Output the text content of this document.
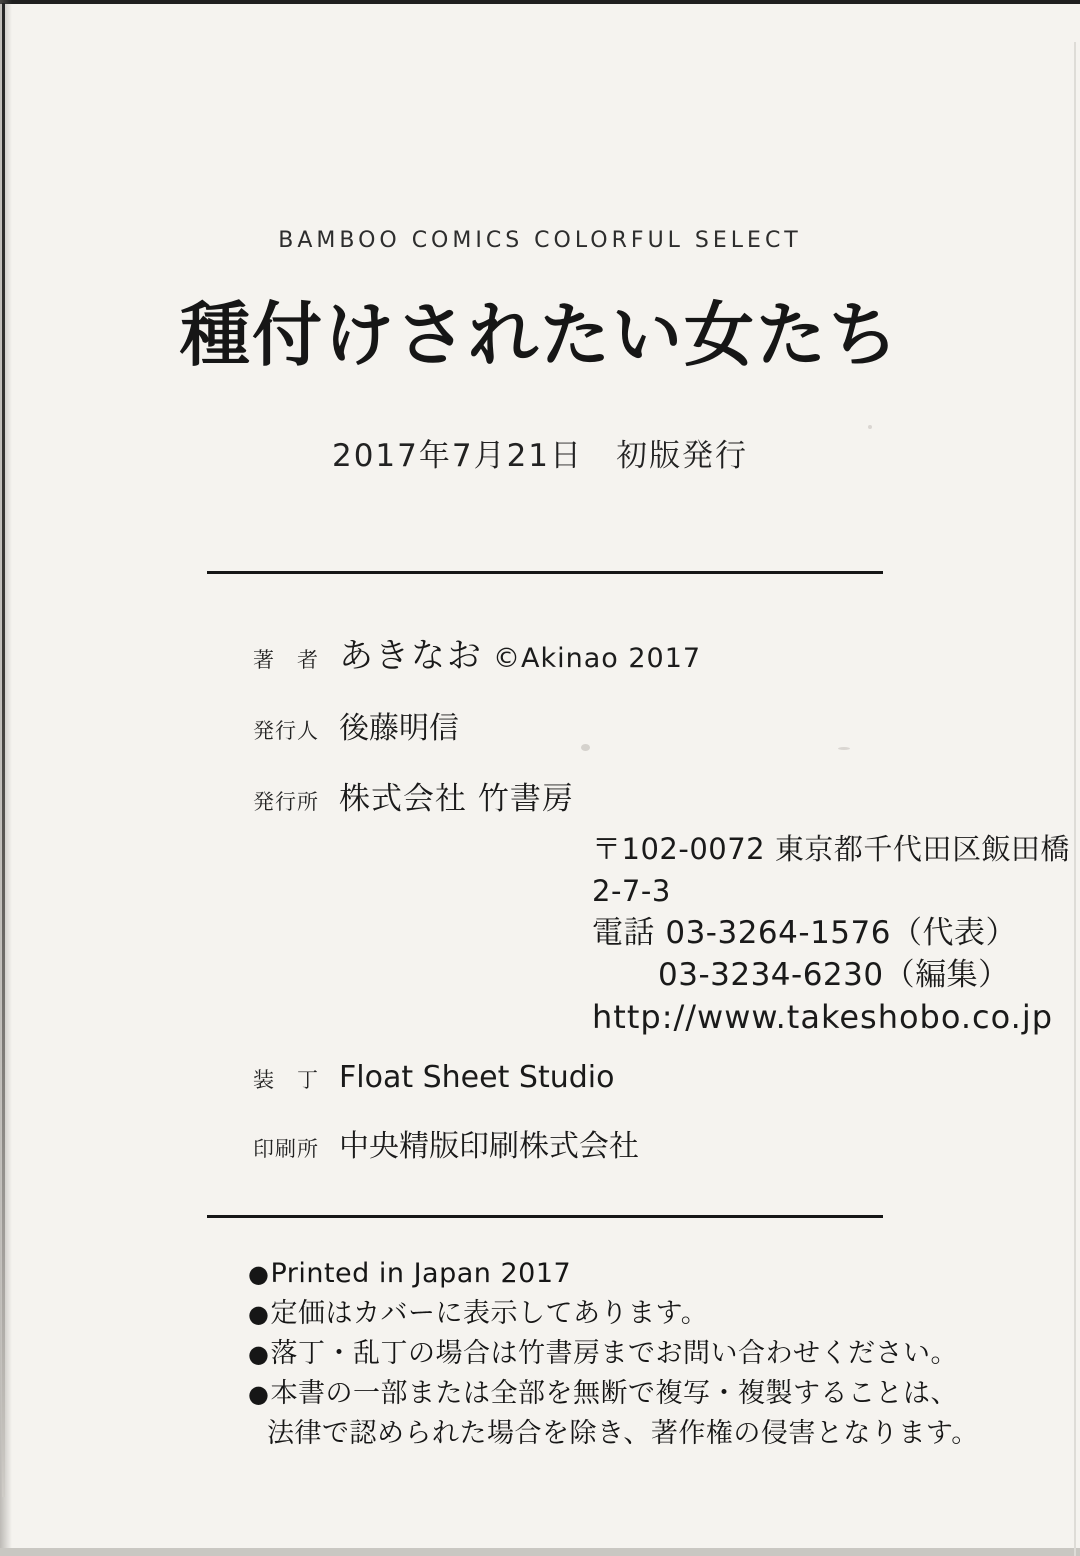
BAMBOO COMICS COLORFUL SELECT
種付けされたい女たち
2017年7月21日　初版発行
著　者 あきなお ©Akinao 2017
発行人 後藤明信
発行所 株式会社 竹書房
〒102-0072 東京都千代田区飯田橋2-7-3
電話 03-3264-1576（代表）
03-3234-6230（編集）
http://www.takeshobo.co.jp
装　丁 Float Sheet Studio
印刷所 中央精版印刷株式会社
●Printed in Japan 2017
●定価はカバーに表示してあります。
●落丁・乱丁の場合は竹書房までお問い合わせください。
●本書の一部または全部を無断で複写・複製することは、
法律で認められた場合を除き、著作権の侵害となります。
